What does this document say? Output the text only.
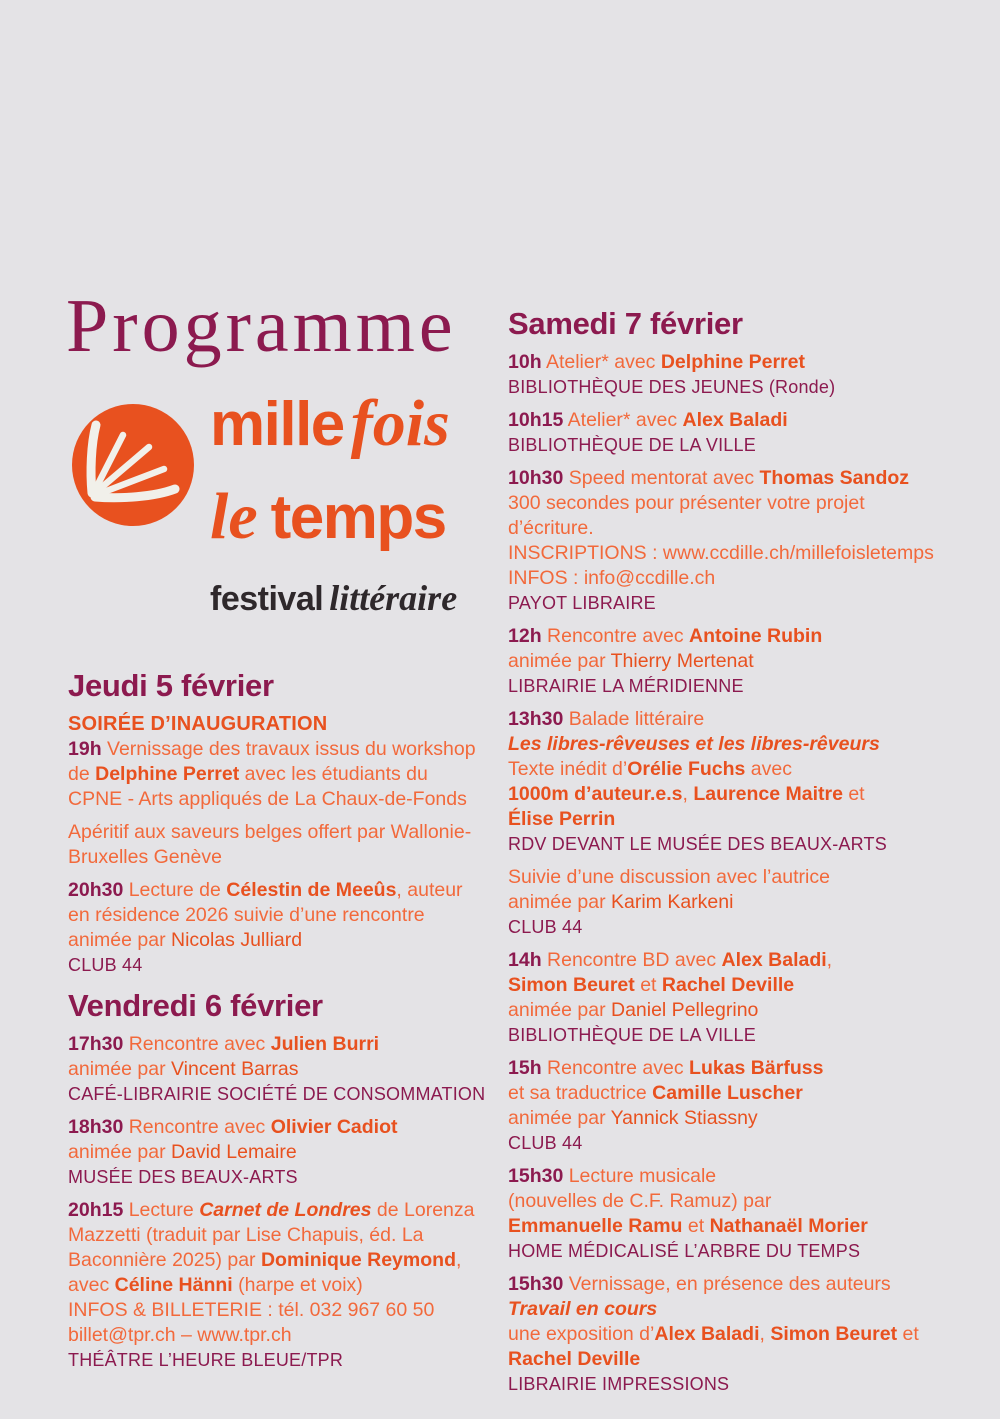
Programme
mille fois
le temps
festival littéraire
Jeudi 5 février
SOIRÉE D’INAUGURATION
19h Vernissage des travaux issus du workshop
de Delphine Perret avec les étudiants du
CPNE - Arts appliqués de La Chaux-de-Fonds
Apéritif aux saveurs belges offert par Wallonie-
Bruxelles Genève
20h30 Lecture de Célestin de Meeûs, auteur
en résidence 2026 suivie d’une rencontre
animée par Nicolas Julliard
CLUB 44
Vendredi 6 février
17h30 Rencontre avec Julien Burri
animée par Vincent Barras
CAFÉ-LIBRAIRIE SOCIÉTÉ DE CONSOMMATION
18h30 Rencontre avec Olivier Cadiot
animée par David Lemaire
MUSÉE DES BEAUX-ARTS
20h15 Lecture Carnet de Londres de Lorenza
Mazzetti (traduit par Lise Chapuis, éd. La
Baconnière 2025) par Dominique Reymond,
avec Céline Hänni (harpe et voix)
INFOS & BILLETERIE : tél. 032 967 60 50
billet@tpr.ch – www.tpr.ch
THÉÂTRE L’HEURE BLEUE/TPR
Samedi 7 février
10h Atelier* avec Delphine Perret
BIBLIOTHÈQUE DES JEUNES (Ronde)
10h15 Atelier* avec Alex Baladi
BIBLIOTHÈQUE DE LA VILLE
10h30 Speed mentorat avec Thomas Sandoz
300 secondes pour présenter votre projet
d’écriture.
INSCRIPTIONS : www.ccdille.ch/millefoisletemps
INFOS : info@ccdille.ch
PAYOT LIBRAIRE
12h Rencontre avec Antoine Rubin
animée par Thierry Mertenat
LIBRAIRIE LA MÉRIDIENNE
13h30 Balade littéraire
Les libres-rêveuses et les libres-rêveurs
Texte inédit d’Orélie Fuchs avec
1000m d’auteur.e.s, Laurence Maitre et
Élise Perrin
RDV DEVANT LE MUSÉE DES BEAUX-ARTS
Suivie d’une discussion avec l’autrice
animée par Karim Karkeni
CLUB 44
14h Rencontre BD avec Alex Baladi,
Simon Beuret et Rachel Deville
animée par Daniel Pellegrino
BIBLIOTHÈQUE DE LA VILLE
15h Rencontre avec Lukas Bärfuss
et sa traductrice Camille Luscher
animée par Yannick Stiassny
CLUB 44
15h30 Lecture musicale
(nouvelles de C.F. Ramuz) par
Emmanuelle Ramu et Nathanaël Morier
HOME MÉDICALISÉ L’ARBRE DU TEMPS
15h30 Vernissage, en présence des auteurs
Travail en cours
une exposition d’Alex Baladi, Simon Beuret et
Rachel Deville
LIBRAIRIE IMPRESSIONS
